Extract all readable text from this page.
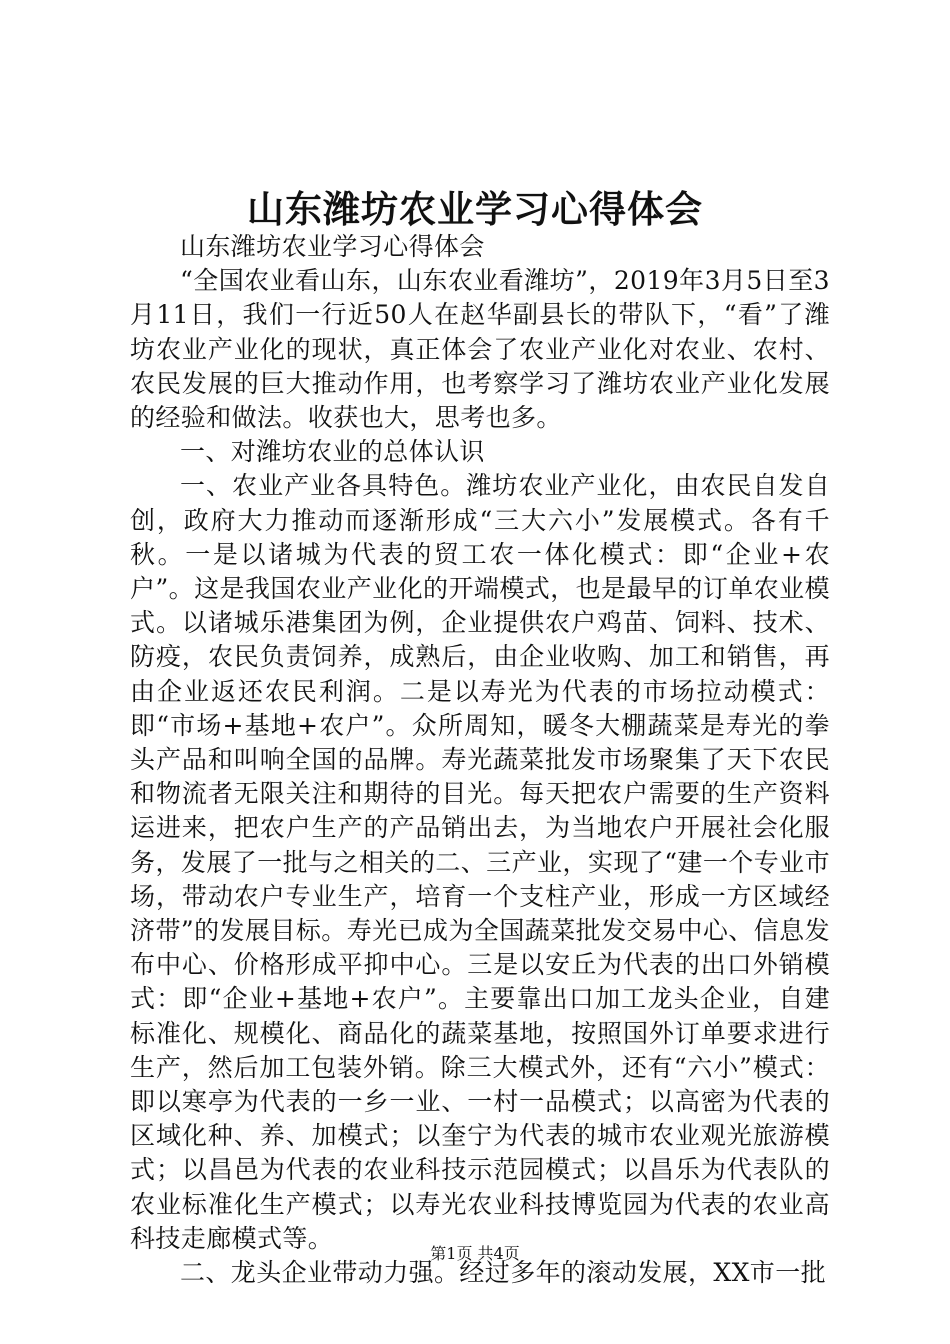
山东潍坊农业学习心得体会

山东潍坊农业学习心得体会

“全国农业看山东，山东农业看潍坊”，2019年3月5日至3月11日，我们一行近50人在赵华副县长的带队下，“看”了潍坊农业产业化的现状，真正体会了农业产业化对农业、农村、农民发展的巨大推动作用，也考察学习了潍坊农业产业化发展的经验和做法。收获也大，思考也多。

一、对潍坊农业的总体认识

一、农业产业各具特色。潍坊农业产业化，由农民自发自创，政府大力推动而逐渐形成“三大六小”发展模式。各有千秋。一是以诸城为代表的贸工农一体化模式：即“企业+农户”。这是我国农业产业化的开端模式，也是最早的订单农业模式。以诸城乐港集团为例，企业提供农户鸡苗、饲料、技术、防疫，农民负责饲养，成熟后，由企业收购、加工和销售，再由企业返还农民利润。二是以寿光为代表的市场拉动模式：即“市场+基地+农户”。众所周知，暖冬大棚蔬菜是寿光的拳头产品和叫响全国的品牌。寿光蔬菜批发市场聚集了天下农民和物流者无限关注和期待的目光。每天把农户需要的生产资料运进来，把农户生产的产品销出去，为当地农户开展社会化服务，发展了一批与之相关的二、三产业，实现了“建一个专业市场，带动农户专业生产，培育一个支柱产业，形成一方区域经济带”的发展目标。寿光已成为全国蔬菜批发交易中心、信息发布中心、价格形成平抑中心。三是以安丘为代表的出口外销模式：即“企业+基地+农户”。主要靠出口加工龙头企业，自建标准化、规模化、商品化的蔬菜基地，按照国外订单要求进行生产，然后加工包装外销。除三大模式外，还有“六小”模式：即以寒亭为代表的一乡一业、一村一品模式；以高密为代表的区域化种、养、加模式；以奎宁为代表的城市农业观光旅游模式；以昌邑为代表的农业科技示范园模式；以昌乐为代表队的农业标准化生产模式；以寿光农业科技博览园为代表的农业高科技走廊模式等。

二、龙头企业带动力强。经过多年的滚动发展，XX市一批

第1页 共4页
